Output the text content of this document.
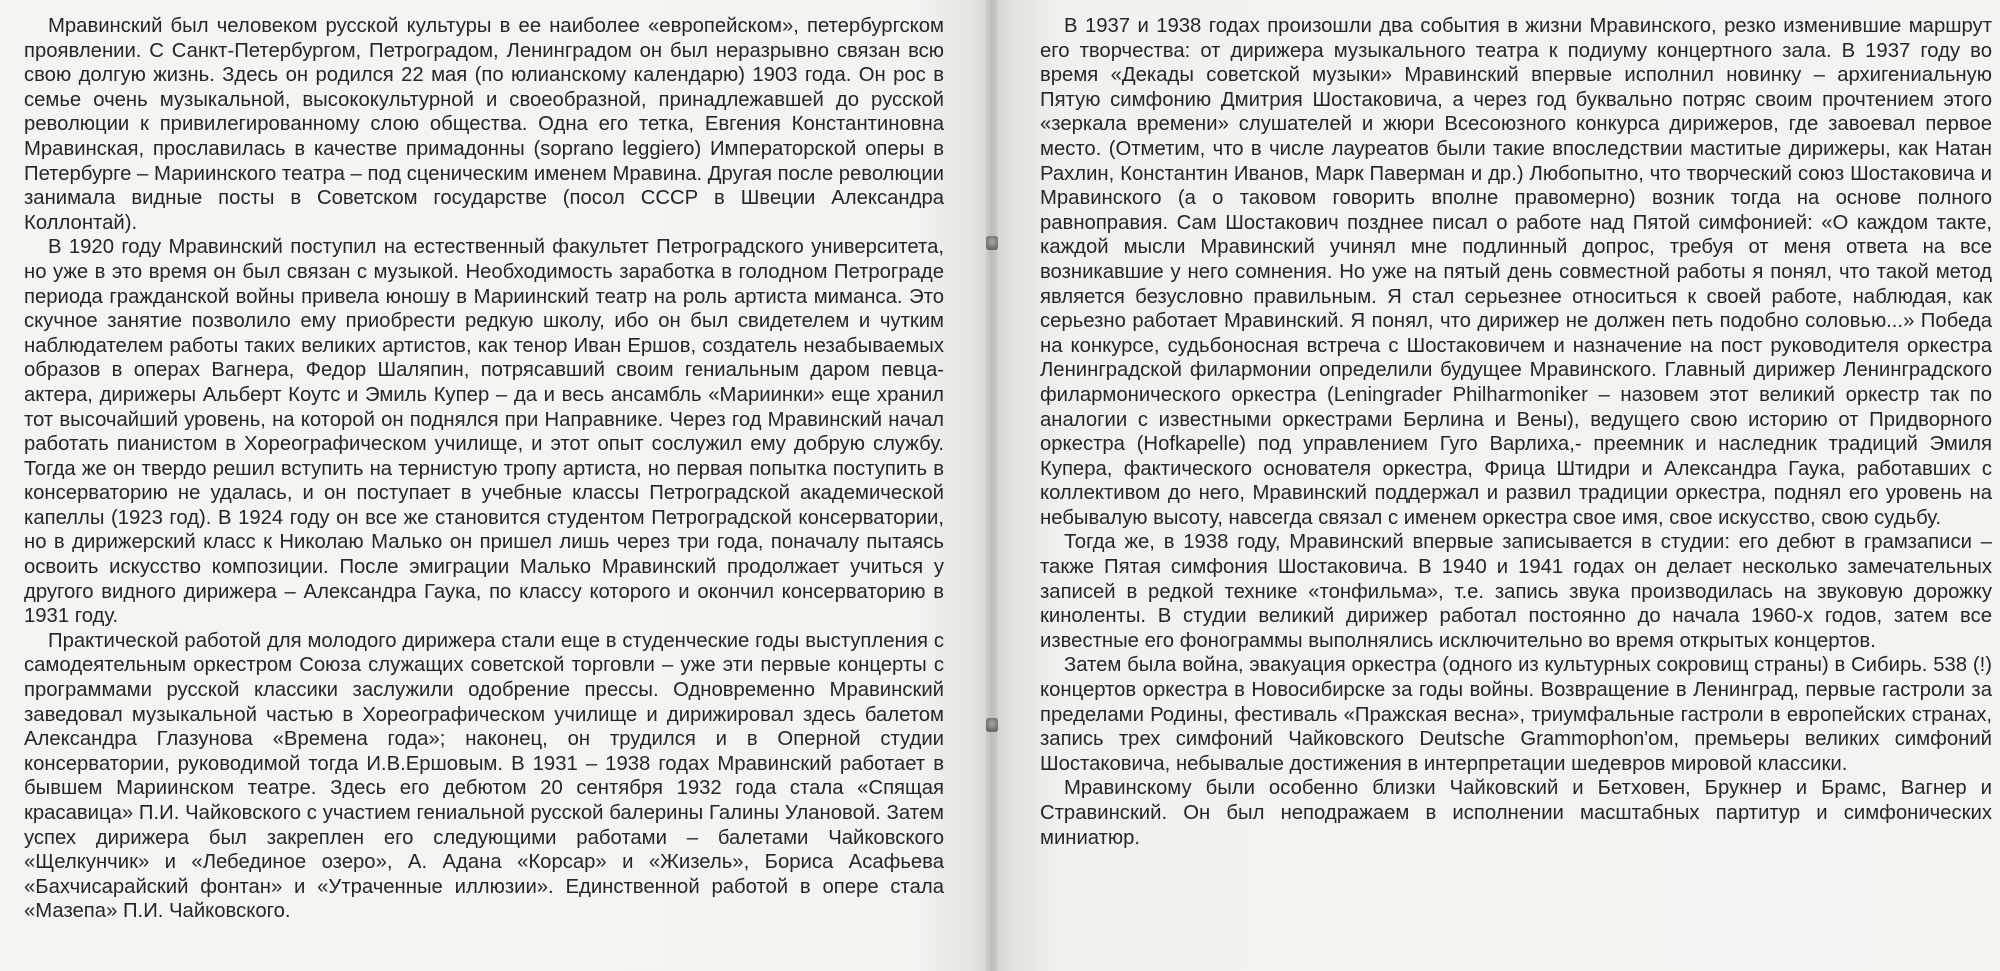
Мравинский был человеком русской культуры в ее наиболее «европейском», петербургском проявлении. С Санкт-Петербургом, Петроградом, Ленинградом он был неразрывно связан всю свою долгую жизнь. Здесь он родился 22 мая (по юлианскому календарю) 1903 года. Он рос в семье очень музыкальной, высококультурной и своеобразной, принадлежавшей до русской революции к привилегированному слою общества. Одна его тетка, Евгения Константиновна Мравинская, прославилась в качестве примадонны (soprano leggiero) Императорской оперы в Петербурге – Мариинского театра – под сценическим именем Мравина. Другая после революции занимала видные посты в Советском государстве (посол СССР в Швеции Александра Коллонтай).

В 1920 году Мравинский поступил на естественный факультет Петроградского университета, но уже в это время он был связан с музыкой. Необходимость заработка в голодном Петрограде периода гражданской войны привела юношу в Мариинский театр на роль артиста миманса. Это скучное занятие позволило ему приобрести редкую школу, ибо он был свидетелем и чутким наблюдателем работы таких великих артистов, как тенор Иван Ершов, создатель незабываемых образов в операх Вагнера, Федор Шаляпин, потрясавший своим гениальным даром певца-актера, дирижеры Альберт Коутс и Эмиль Купер – да и весь ансамбль «Мариинки» еще хранил тот высочайший уровень, на которой он поднялся при Направнике. Через год Мравинский начал работать пианистом в Хореографическом училище, и этот опыт сослужил ему добрую службу. Тогда же он твердо решил вступить на тернистую тропу артиста, но первая попытка поступить в консерваторию не удалась, и он поступает в учебные классы Петроградской академической капеллы (1923 год). В 1924 году он все же становится студентом Петроградской консерватории, но в дирижерский класс к Николаю Малько он пришел лишь через три года, поначалу пытаясь освоить искусство композиции. После эмиграции Малько Мравинский продолжает учиться у другого видного дирижера – Александра Гаука, по классу которого и окончил консерваторию в 1931 году.

Практической работой для молодого дирижера стали еще в студенческие годы выступления с самодеятельным оркестром Союза служащих советской торговли – уже эти первые концерты с программами русской классики заслужили одобрение прессы. Одновременно Мравинский заведовал музыкальной частью в Хореографическом училище и дирижировал здесь балетом Александра Глазунова «Времена года»; наконец, он трудился и в Оперной студии консерватории, руководимой тогда И.В.Ершовым. В 1931 – 1938 годах Мравинский работает в бывшем Мариинском театре. Здесь его дебютом 20 сентября 1932 года стала «Спящая красавица» П.И. Чайковского с участием гениальной русской балерины Галины Улановой. Затем успех дирижера был закреплен его следующими работами – балетами Чайковского «Щелкунчик» и «Лебединое озеро», А. Адана «Корсар» и «Жизель», Бориса Асафьева «Бахчисарайский фонтан» и «Утраченные иллюзии». Единственной работой в опере стала «Мазепа» П.И. Чайковского.

В 1937 и 1938 годах произошли два события в жизни Мравинского, резко изменившие маршрут его творчества: от дирижера музыкального театра к подиуму концертного зала. В 1937 году во время «Декады советской музыки» Мравинский впервые исполнил новинку – архигениальную Пятую симфонию Дмитрия Шостаковича, а через год буквально потряс своим прочтением этого «зеркала времени» слушателей и жюри Всесоюзного конкурса дирижеров, где завоевал первое место. (Отметим, что в числе лауреатов были такие впоследствии маститые дирижеры, как Натан Рахлин, Константин Иванов, Марк Паверман и др.) Любопытно, что творческий союз Шостаковича и Мравинского (а о таковом говорить вполне правомерно) возник тогда на основе полного равноправия. Сам Шостакович позднее писал о работе над Пятой симфонией: «О каждом такте, каждой мысли Мравинский учинял мне подлинный допрос, требуя от меня ответа на все возникавшие у него сомнения. Но уже на пятый день совместной работы я понял, что такой метод является безусловно правильным. Я стал серьезнее относиться к своей работе, наблюдая, как серьезно работает Мравинский. Я понял, что дирижер не должен петь подобно соловью...» Победа на конкурсе, судьбоносная встреча с Шостаковичем и назначение на пост руководителя оркестра Ленинградской филармонии определили будущее Мравинского. Главный дирижер Ленинградского филармонического оркестра (Leningrader Philharmoniker – назовем этот великий оркестр так по аналогии с известными оркестрами Берлина и Вены), ведущего свою историю от Придворного оркестра (Hofkapelle) под управлением Гуго Варлиха,- преемник и наследник традиций Эмиля Купера, фактического основателя оркестра, Фрица Штидри и Александра Гаука, работавших с коллективом до него, Мравинский поддержал и развил традиции оркестра, поднял его уровень на небывалую высоту, навсегда связал с именем оркестра свое имя, свое искусство, свою судьбу.

Тогда же, в 1938 году, Мравинский впервые записывается в студии: его дебют в грамзаписи – также Пятая симфония Шостаковича. В 1940 и 1941 годах он делает несколько замечательных записей в редкой технике «тонфильма», т.е. запись звука производилась на звуковую дорожку киноленты. В студии великий дирижер работал постоянно до начала 1960-х годов, затем все известные его фонограммы выполнялись исключительно во время открытых концертов.

Затем была война, эвакуация оркестра (одного из культурных сокровищ страны) в Сибирь. 538 (!) концертов оркестра в Новосибирске за годы войны. Возвращение в Ленинград, первые гастроли за пределами Родины, фестиваль «Пражская весна», триумфальные гастроли в европейских странах, запись трех симфоний Чайковского Deutsche Grammophon'ом, премьеры великих симфоний Шостаковича, небывалые достижения в интерпретации шедевров мировой классики.

Мравинскому были особенно близки Чайковский и Бетховен, Брукнер и Брамс, Вагнер и Стравинский. Он был неподражаем в исполнении масштабных партитур и симфонических миниатюр.
